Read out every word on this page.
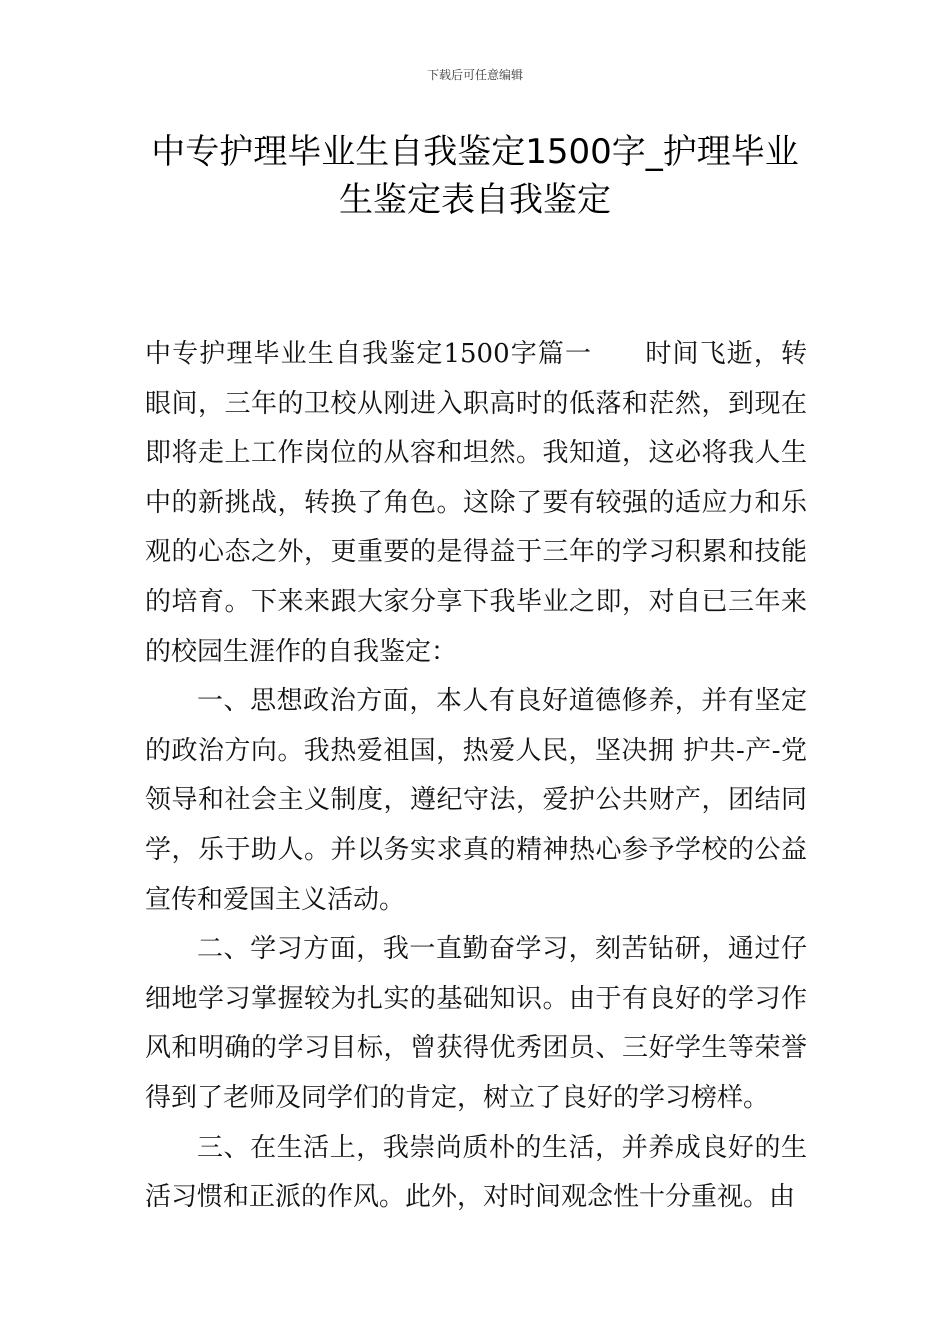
下载后可任意编辑
中专护理毕业生自我鉴定1500字_护理毕业生鉴定表自我鉴定

中专护理毕业生自我鉴定1500字篇一 时间飞逝，转眼间，三年的卫校从刚进入职高时的低落和茫然，到现在即将走上工作岗位的从容和坦然。我知道，这必将我人生中的新挑战，转换了角色。这除了要有较强的适应力和乐观的心态之外，更重要的是得益于三年的学习积累和技能的培育。下来来跟大家分享下我毕业之即，对自已三年来的校园生涯作的自我鉴定：

一、思想政治方面，本人有良好道德修养，并有坚定的政治方向。我热爱祖国，热爱人民，坚决拥 护共-产-党领导和社会主义制度，遵纪守法，爱护公共财产，团结同学，乐于助人。并以务实求真的精神热心参予学校的公益宣传和爱国主义活动。

二、学习方面，我一直勤奋学习，刻苦钻研，通过仔细地学习掌握较为扎实的基础知识。由于有良好的学习作风和明确的学习目标，曾获得优秀团员、三好学生等荣誉得到了老师及同学们的肯定，树立了良好的学习榜样。

三、在生活上，我崇尚质朴的生活，并养成良好的生活习惯和正派的作风。此外，对时间观念性十分重视。由
